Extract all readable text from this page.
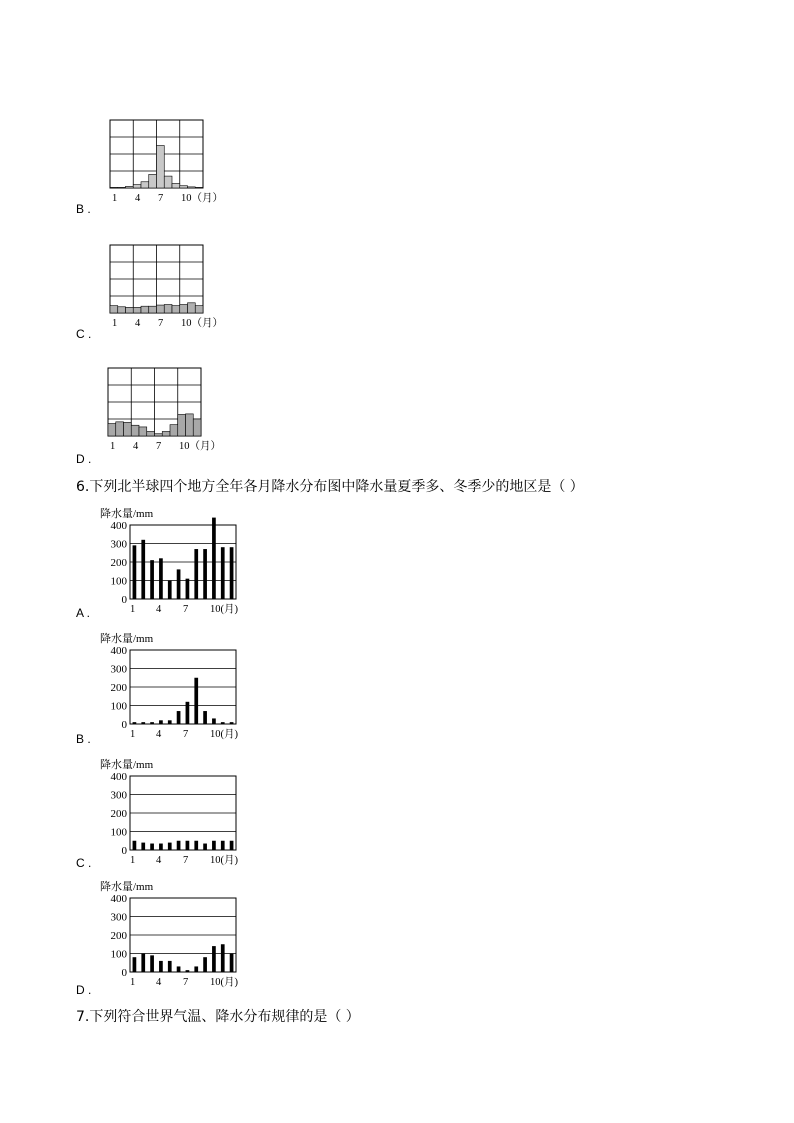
1 4 7 10（月）
B .
1 4 7 10（月）
C .
1 4 7 10（月）
D .
6.下列北半球四个地方全年各月降水分布图中降水量夏季多、冬季少的地区是（ ）
降水量/mm
0
100
200
300
400
1 4 7 10(月)
A .
降水量/mm
0
100
200
300
400
1 4 7 10(月)
B .
降水量/mm
0
100
200
300
400
1 4 7 10(月)
C .
降水量/mm
0
100
200
300
400
1 4 7 10(月)
D .
7.下列符合世界气温、降水分布规律的是（ ）
